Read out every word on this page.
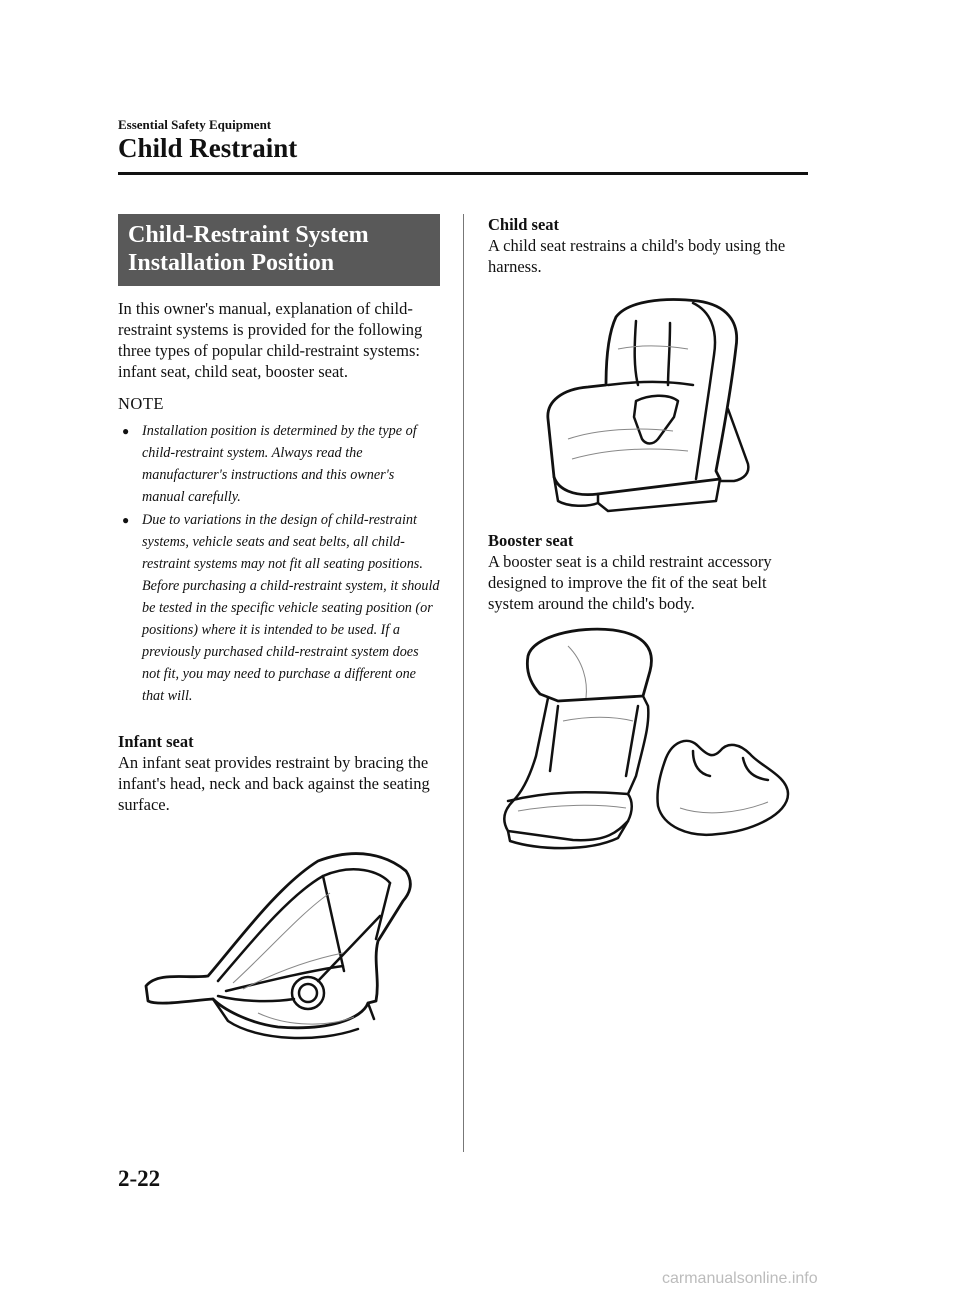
Essential Safety Equipment
Child Restraint
Child-Restraint System
Installation Position

In this owner's manual, explanation of child-restraint systems is provided for the following three types of popular child-restraint systems: infant seat, child seat, booster seat.

NOTE
● Installation position is determined by the type of child-restraint system. Always read the manufacturer's instructions and this owner's manual carefully.
● Due to variations in the design of child-restraint systems, vehicle seats and seat belts, all child-restraint systems may not fit all seating positions. Before purchasing a child-restraint system, it should be tested in the specific vehicle seating position (or positions) where it is intended to be used. If a previously purchased child-restraint system does not fit, you may need to purchase a different one that will.

Infant seat

An infant seat provides restraint by bracing the infant's head, neck and back against the seating surface.

Child seat

A child seat restrains a child's body using the harness.

Booster seat

A booster seat is a child restraint accessory designed to improve the fit of the seat belt system around the child's body.

2-22
carmanualsonline.info
